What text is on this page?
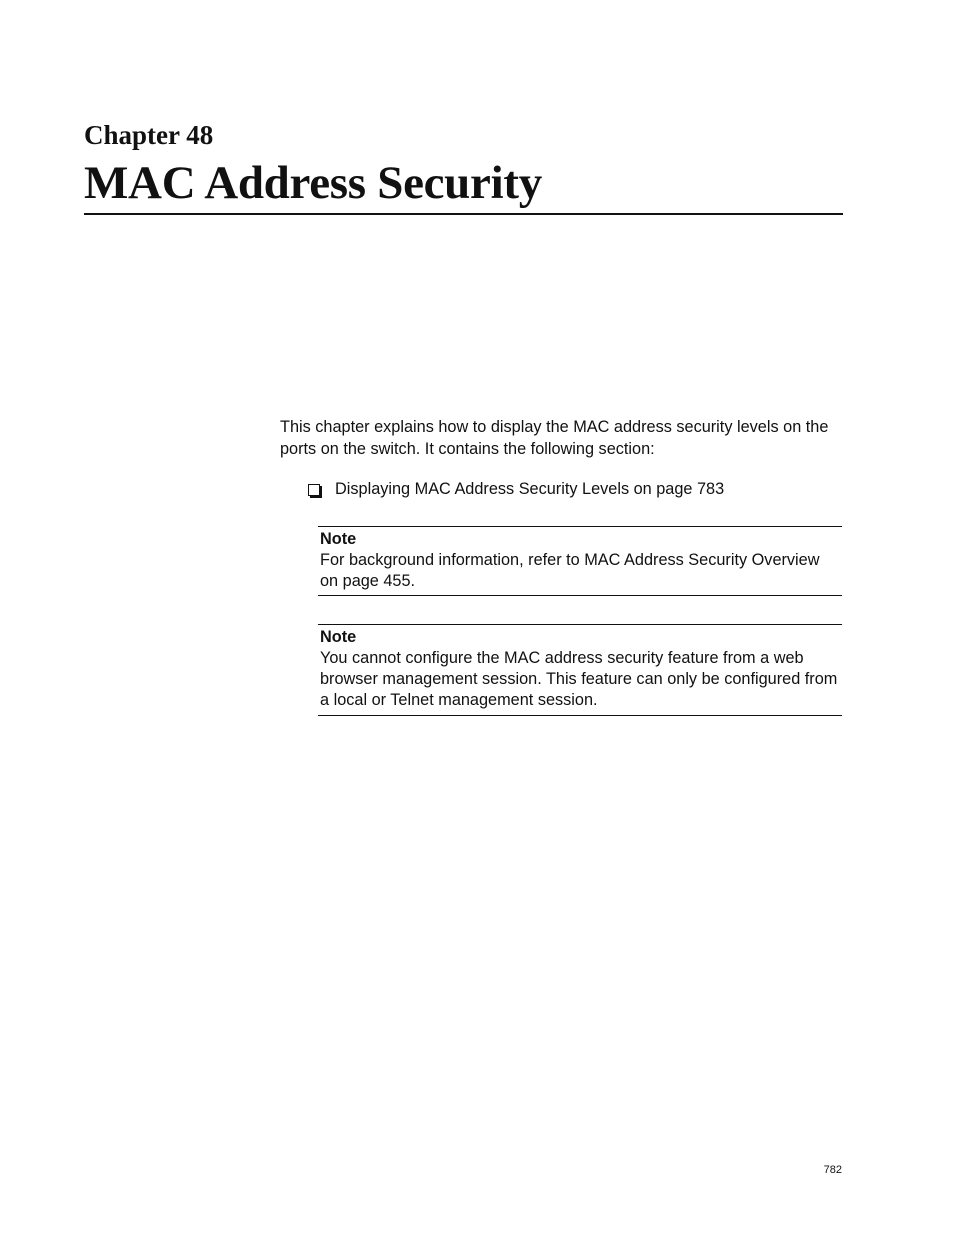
Chapter 48
MAC Address Security

This chapter explains how to display the MAC address security levels on the ports on the switch. It contains the following section:

Displaying MAC Address Security Levels on page 783

Note

For background information, refer to MAC Address Security Overview on page 455.

Note

You cannot configure the MAC address security feature from a web browser management session. This feature can only be configured from a local or Telnet management session.

782
